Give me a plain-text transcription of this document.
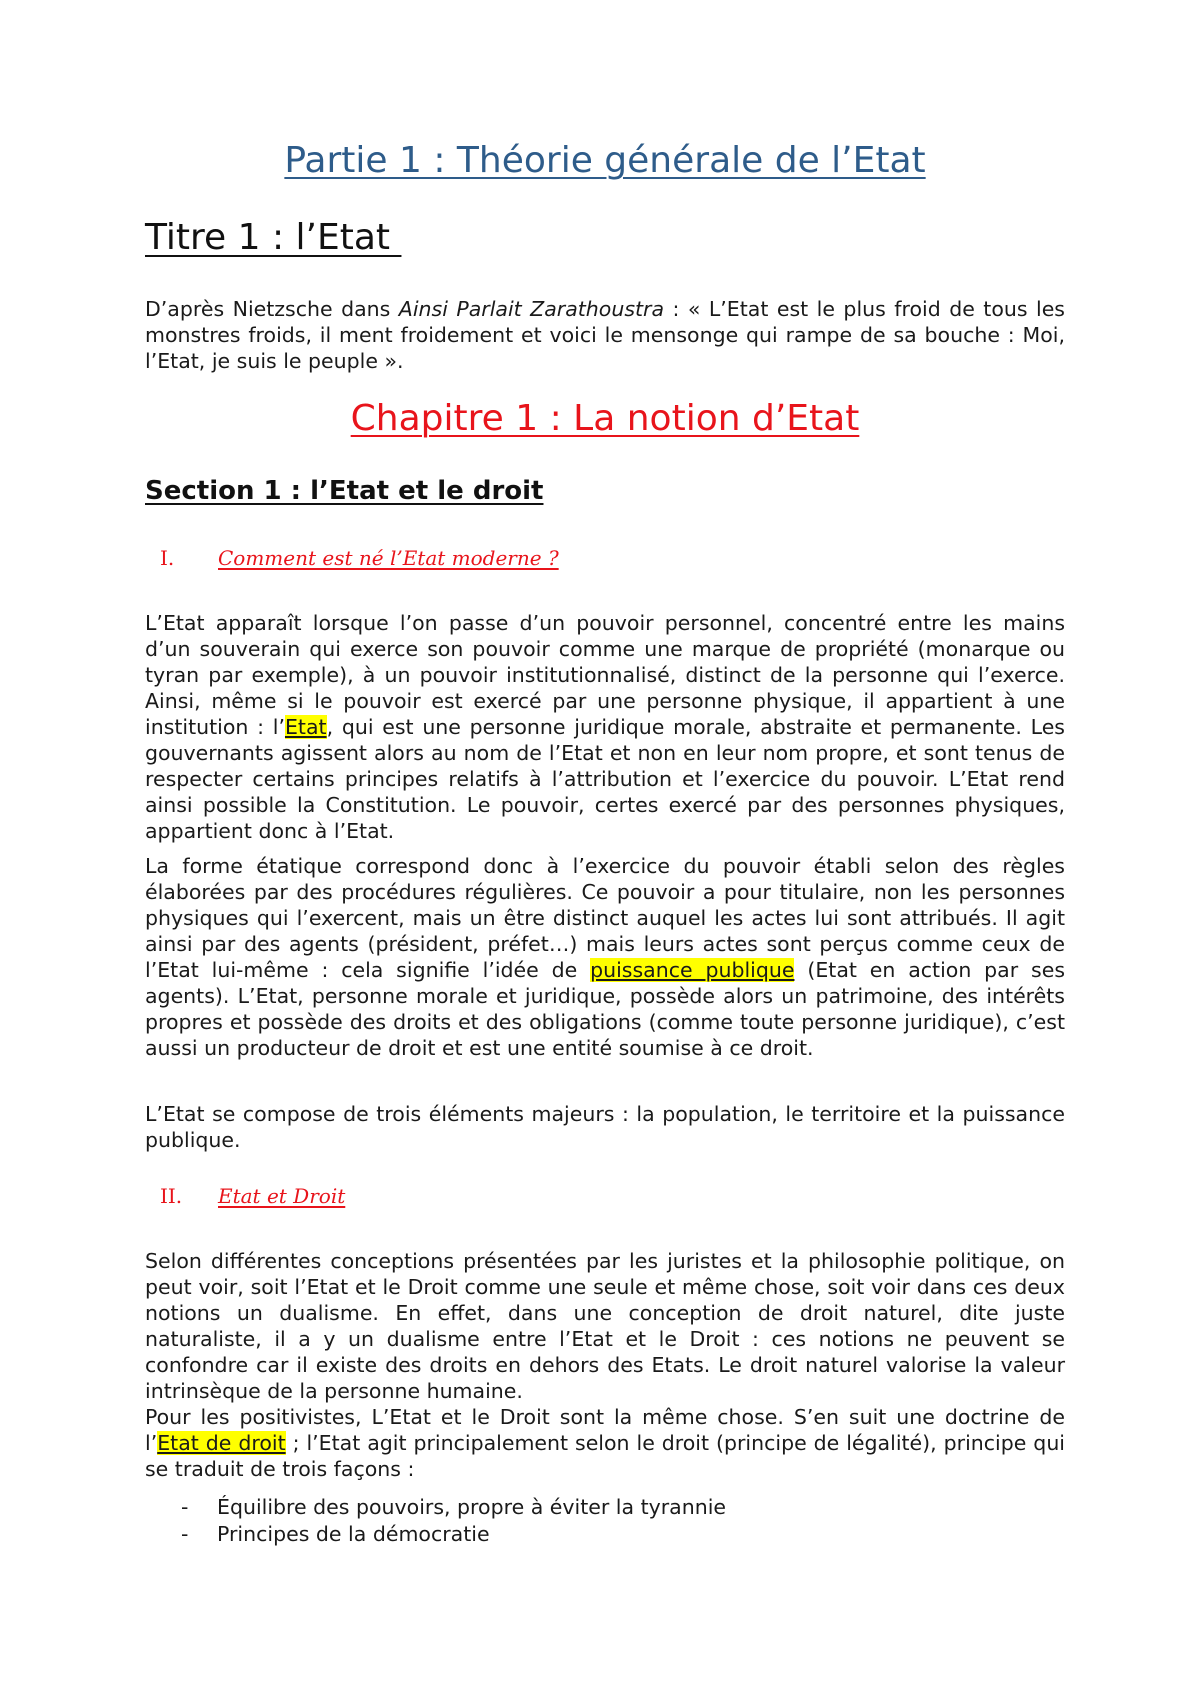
Partie 1 : Théorie générale de l’Etat
Titre 1 : l’Etat

D’après Nietzsche dans Ainsi Parlait Zarathoustra : « L’Etat est le plus froid de tous les monstres froids, il ment froidement et voici le mensonge qui rampe de sa bouche : Moi, l’Etat, je suis le peuple ».

Chapitre 1 : La notion d’Etat
Section 1 : l’Etat et le droit
I. Comment est né l’Etat moderne ?

L’Etat apparaît lorsque l’on passe d’un pouvoir personnel, concentré entre les mains d’un souverain qui exerce son pouvoir comme une marque de propriété (monarque ou tyran par exemple), à un pouvoir institutionnalisé, distinct de la personne qui l’exerce. Ainsi, même si le pouvoir est exercé par une personne physique, il appartient à une institution : l’Etat, qui est une personne juridique morale, abstraite et permanente. Les gouvernants agissent alors au nom de l’Etat et non en leur nom propre, et sont tenus de respecter certains principes relatifs à l’attribution et l’exercice du pouvoir. L’Etat rend ainsi possible la Constitution. Le pouvoir, certes exercé par des personnes physiques, appartient donc à l’Etat.

La forme étatique correspond donc à l’exercice du pouvoir établi selon des règles élaborées par des procédures régulières. Ce pouvoir a pour titulaire, non les personnes physiques qui l’exercent, mais un être distinct auquel les actes lui sont attribués. Il agit ainsi par des agents (président, préfet…) mais leurs actes sont perçus comme ceux de l’Etat lui-même : cela signifie l’idée de puissance publique (Etat en action par ses agents). L’Etat, personne morale et juridique, possède alors un patrimoine, des intérêts propres et possède des droits et des obligations (comme toute personne juridique), c’est aussi un producteur de droit et est une entité soumise à ce droit.

L’Etat se compose de trois éléments majeurs : la population, le territoire et la puissance publique.

II. Etat et Droit

Selon différentes conceptions présentées par les juristes et la philosophie politique, on peut voir, soit l’Etat et le Droit comme une seule et même chose, soit voir dans ces deux notions un dualisme. En effet, dans une conception de droit naturel, dite juste naturaliste, il a y un dualisme entre l’Etat et le Droit : ces notions ne peuvent se confondre car il existe des droits en dehors des Etats. Le droit naturel valorise la valeur intrinsèque de la personne humaine.

Pour les positivistes, L’Etat et le Droit sont la même chose. S’en suit une doctrine de l’Etat de droit ; l’Etat agit principalement selon le droit (principe de légalité), principe qui se traduit de trois façons :

-	Équilibre des pouvoirs, propre à éviter la tyrannie
-	Principes de la démocratie
